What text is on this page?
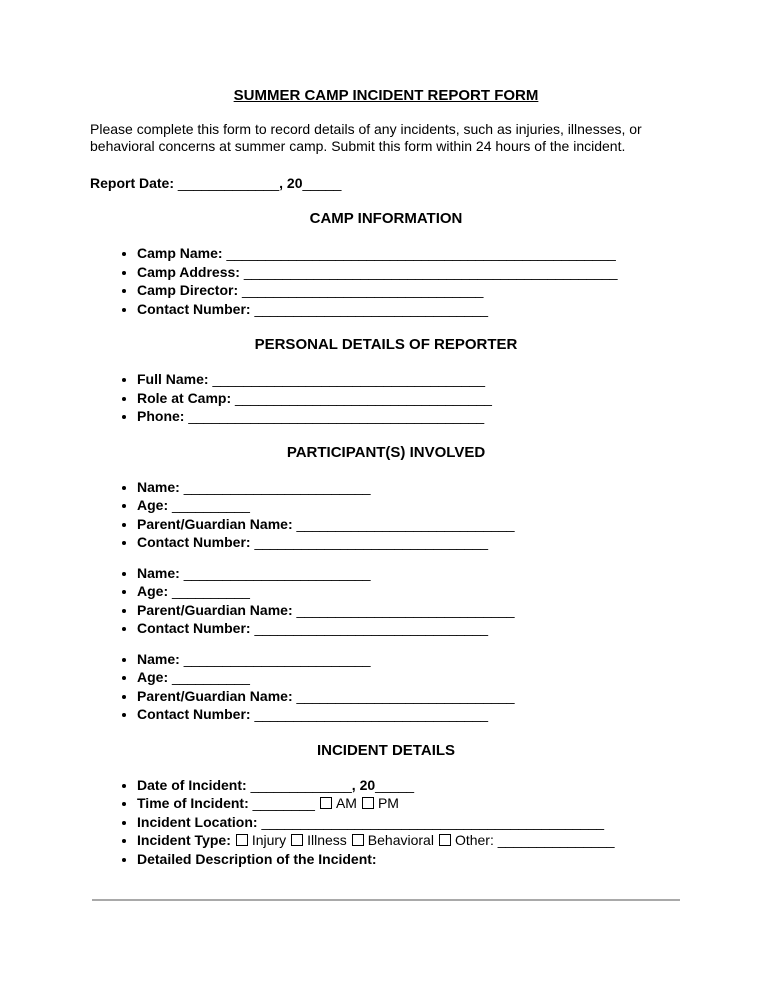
SUMMER CAMP INCIDENT REPORT FORM

Please complete this form to record details of any incidents, such as injuries, illnesses, or behavioral concerns at summer camp. Submit this form within 24 hours of the incident.

Report Date: _____________, 20_____
CAMP INFORMATION
• Camp Name: __________________________________________________
• Camp Address: ________________________________________________
• Camp Director: _______________________________
• Contact Number: ______________________________
PERSONAL DETAILS OF REPORTER
• Full Name: ___________________________________
• Role at Camp: _________________________________
• Phone: ______________________________________
PARTICIPANT(S) INVOLVED
• Name: ________________________
• Age: __________
• Parent/Guardian Name: ____________________________
• Contact Number: ______________________________
• Name: ________________________
• Age: __________
• Parent/Guardian Name: ____________________________
• Contact Number: ______________________________
• Name: ________________________
• Age: __________
• Parent/Guardian Name: ____________________________
• Contact Number: ______________________________
INCIDENT DETAILS
• Date of Incident: _____________, 20_____
• Time of Incident: ________ AM PM
• Incident Location: ____________________________________________
• Incident Type: Injury Illness Behavioral Other: _______________
• Detailed Description of the Incident:
